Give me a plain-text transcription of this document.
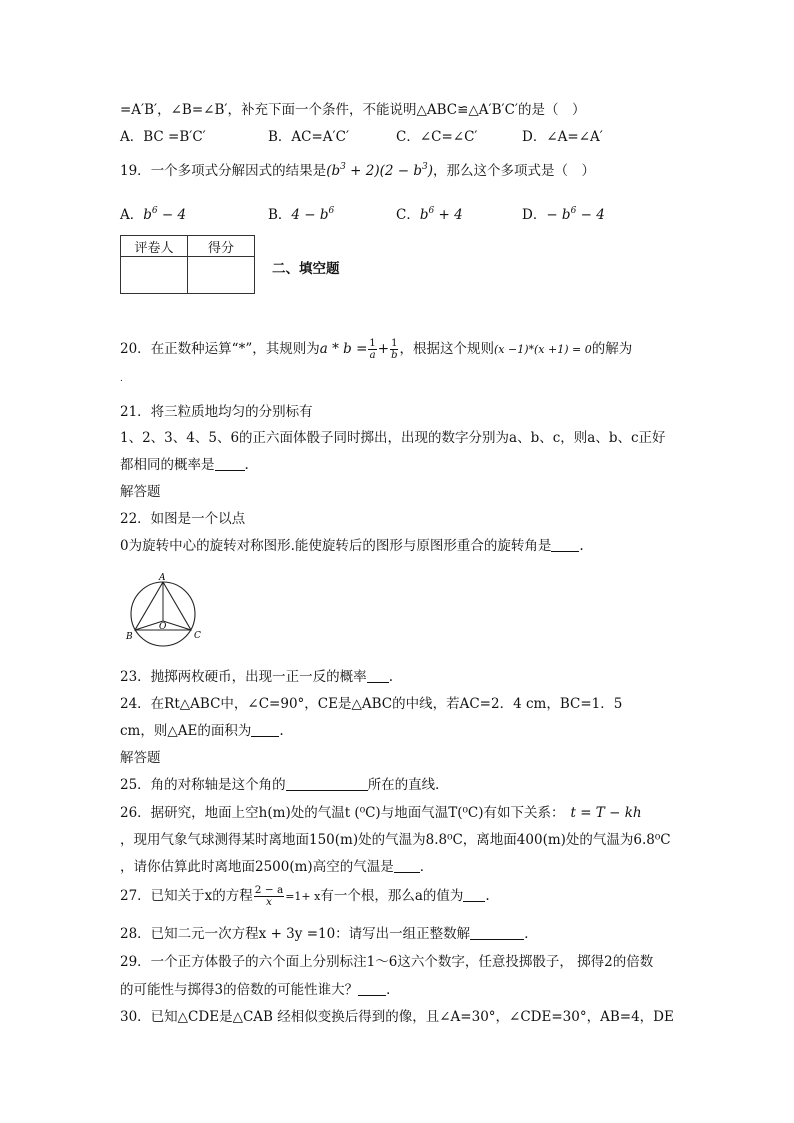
=A′B′，∠B=∠B′，补充下面一个条件，不能说明△ABC≌△A′B′C′的是（　）
A．BC =B′C′	B．AC=A′C′	C．∠C=∠C′	D．∠A=∠A′
19．一个多项式分解因式的结果是$(b^3 + 2)(2 - b^3)$，那么这个多项式是（　）
A．$b^6 - 4$	B．$4 - b^6$	C．$b^6 + 4$	D．− $b^6 - 4$
评卷人	得分

二、填空题
20．在正数种运算“*”，其规则为$a * b = \frac{1}{a} + \frac{1}{b}$ ，根据这个规则(x −1)*(x +1) = 0的解为
.
21．将三粒质地均匀的分别标有
1、2、3、4、5、6的正六面体骰子同时掷出，出现的数字分别为a、b、c，则a、b、c正好
都相同的概率是 .
解答题
22．如图是一个以点
0为旋转中心的旋转对称图形.能使旋转后的图形与原图形重合的旋转角是 .
A
B	C
O
23．抛掷两枚硬币，出现一正一反的概率 .
24．在Rt△ABC中，∠C=90°，CE是△ABC的中线，若AC=2．4 cm，BC=1．5
cm，则△AE的面积为 .
解答题
25．角的对称轴是这个角的	所在的直线．
26．据研究，地面上空h(m)处的气温t (⁰C)与地面气温T(⁰C)有如下关系： t = T − kh
，现用气象气球测得某时离地面150(m)处的气温为8.8⁰C，离地面400(m)处的气温为6.8⁰C
，请你估算此时离地面2500(m)高空的气温是 ．
27．已知关于x的方程 $\frac{2 - a}{x} =1+ x$有一个根，那么a的值为 .
28．已知二元一次方程x + 3y =10：请写出一组正整数解	．
29．一个正方体骰子的六个面上分别标注1～6这六个数字，任意投掷骰子， 掷得2的倍数
的可能性与掷得3的倍数的可能性谁大？ ．
30．已知△CDE是△CAB 经相似变换后得到的像，且∠A=30°，∠CDE=30°，AB=4，DE
